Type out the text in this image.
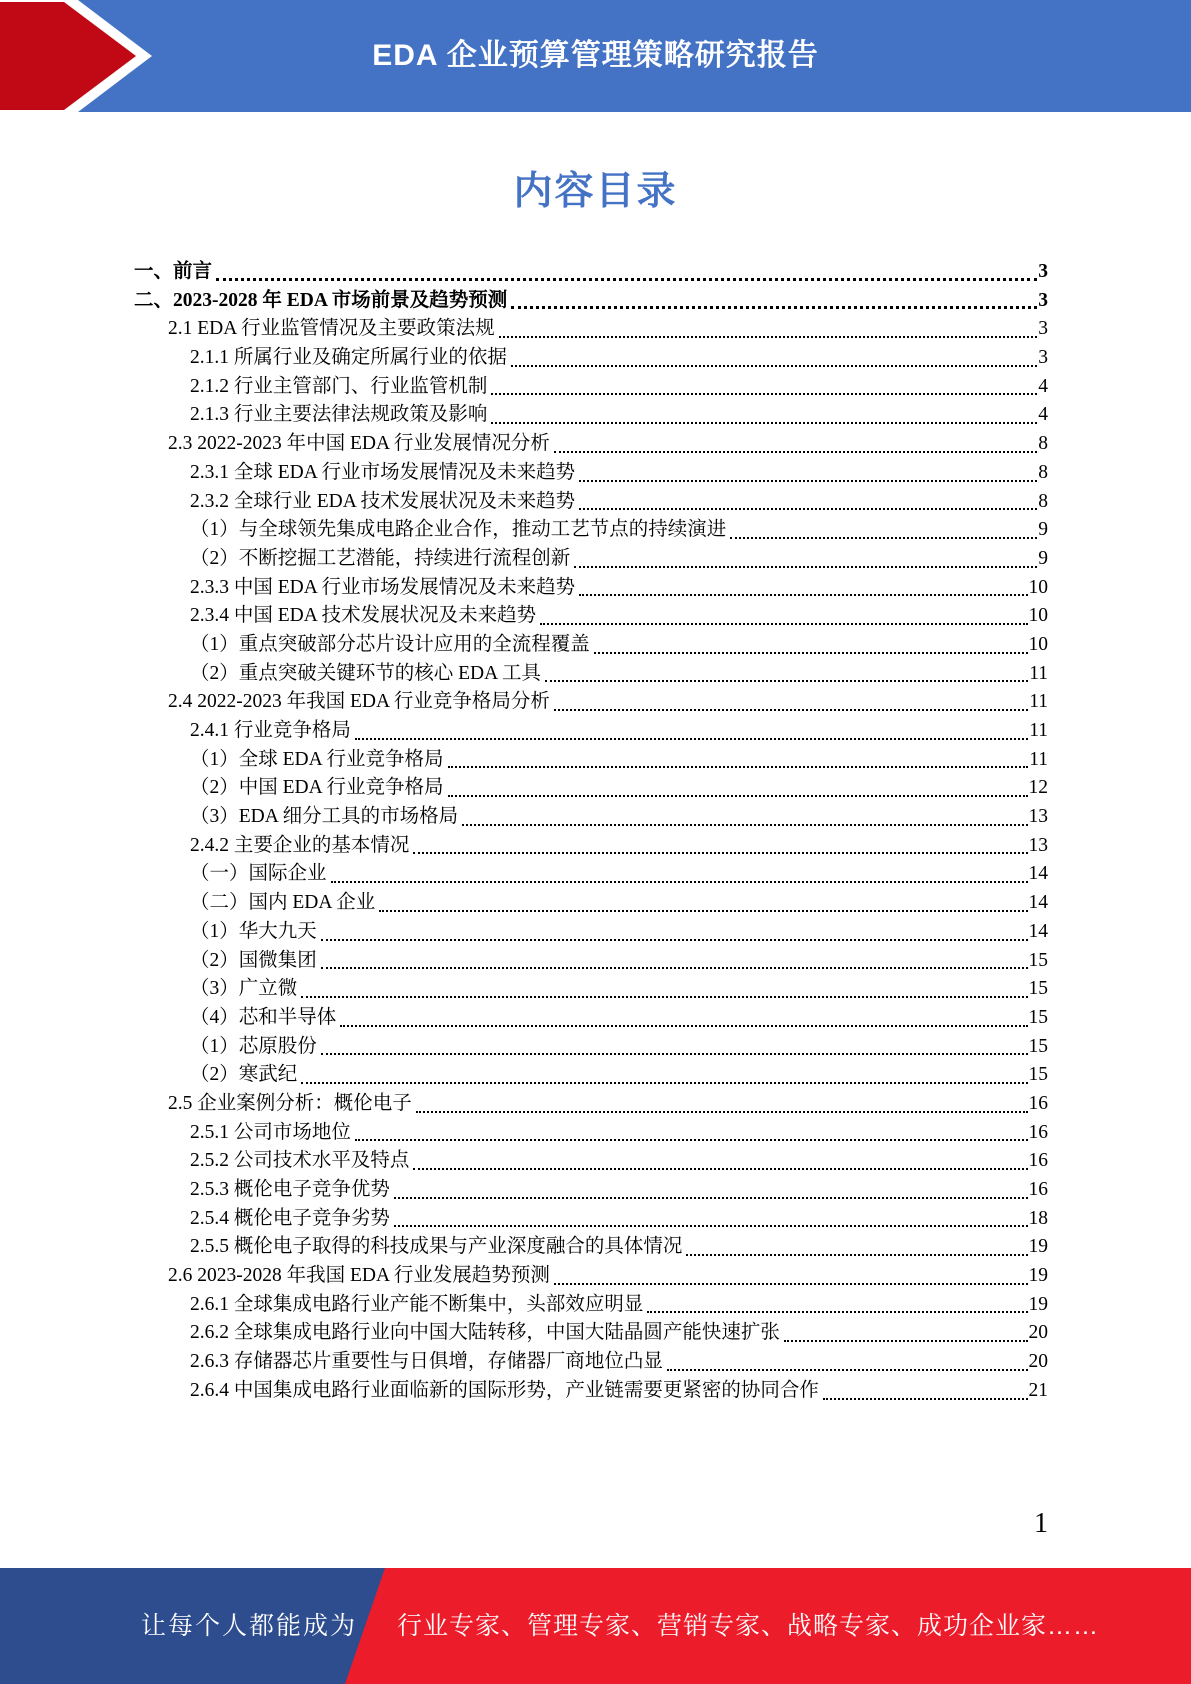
EDA 企业预算管理策略研究报告
内容目录
一、前言	3
二、2023-2028 年 EDA 市场前景及趋势预测	3
2.1 EDA 行业监管情况及主要政策法规	3
2.1.1 所属行业及确定所属行业的依据	3
2.1.2 行业主管部门、行业监管机制	4
2.1.3 行业主要法律法规政策及影响	4
2.3 2022-2023 年中国 EDA 行业发展情况分析	8
2.3.1 全球 EDA 行业市场发展情况及未来趋势	8
2.3.2 全球行业 EDA 技术发展状况及未来趋势	8
（1）与全球领先集成电路企业合作，推动工艺节点的持续演进	9
（2）不断挖掘工艺潜能，持续进行流程创新	9
2.3.3 中国 EDA 行业市场发展情况及未来趋势	10
2.3.4 中国 EDA 技术发展状况及未来趋势	10
（1）重点突破部分芯片设计应用的全流程覆盖	10
（2）重点突破关键环节的核心 EDA 工具	11
2.4 2022-2023 年我国 EDA 行业竞争格局分析	11
2.4.1 行业竞争格局	11
（1）全球 EDA 行业竞争格局	11
（2）中国 EDA 行业竞争格局	12
（3）EDA 细分工具的市场格局	13
2.4.2 主要企业的基本情况	13
（一）国际企业	14
（二）国内 EDA 企业	14
（1）华大九天	14
（2）国微集团	15
（3）广立微	15
（4）芯和半导体	15
（1）芯原股份	15
（2）寒武纪	15
2.5 企业案例分析：概伦电子	16
2.5.1 公司市场地位	16
2.5.2 公司技术水平及特点	16
2.5.3 概伦电子竞争优势	16
2.5.4 概伦电子竞争劣势	18
2.5.5 概伦电子取得的科技成果与产业深度融合的具体情况	19
2.6 2023-2028 年我国 EDA 行业发展趋势预测	19
2.6.1 全球集成电路行业产能不断集中，头部效应明显	19
2.6.2 全球集成电路行业向中国大陆转移，中国大陆晶圆产能快速扩张	20
2.6.3 存储器芯片重要性与日俱增，存储器厂商地位凸显	20
2.6.4 中国集成电路行业面临新的国际形势，产业链需要更紧密的协同合作	21
1
让每个人都能成为 行业专家、管理专家、营销专家、战略专家、成功企业家……
